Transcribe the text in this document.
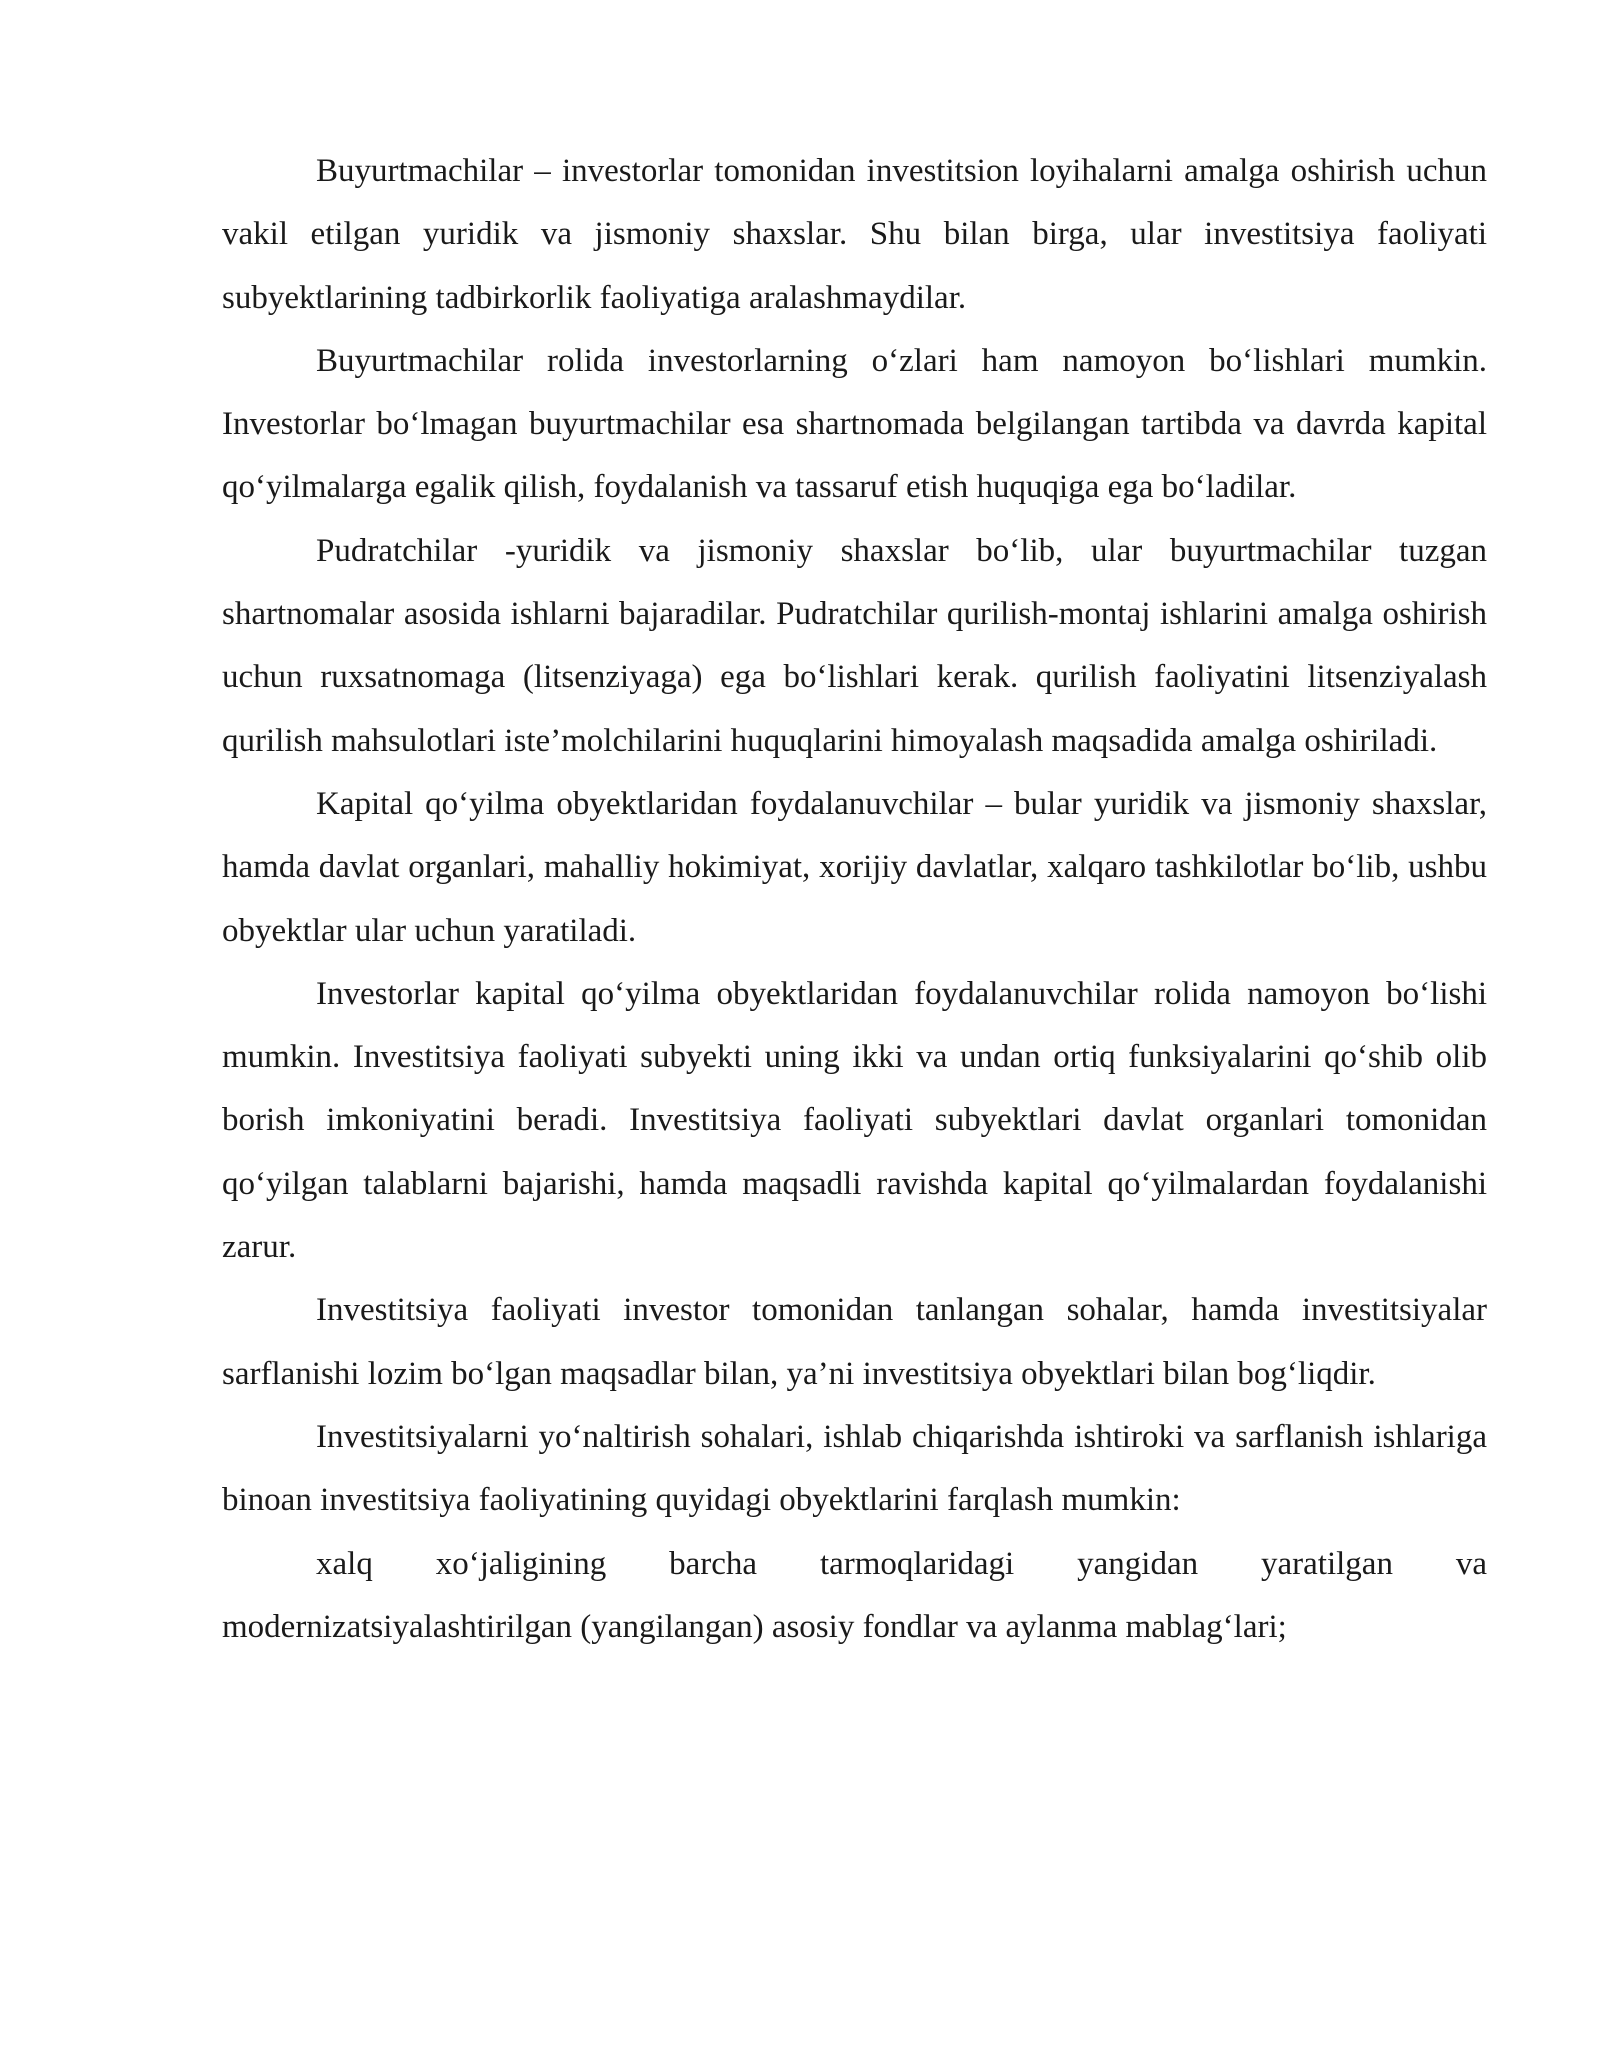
Buyurtmachilar – investorlar tomonidan investitsion loyihalarni amalga oshirish uchun vakil etilgan yuridik va jismoniy shaxslar. Shu bilan birga, ular investitsiya faoliyati subyektlarining tadbirkorlik faoliyatiga aralashmaydilar.

Buyurtmachilar rolida investorlarning o‘zlari ham namoyon bo‘lishlari mumkin. Investorlar bo‘lmagan buyurtmachilar esa shartnomada belgilangan tartibda va davrda kapital qo‘yilmalarga egalik qilish, foydalanish va tassaruf etish huquqiga ega bo‘ladilar.

Pudratchilar -yuridik va jismoniy shaxslar bo‘lib, ular buyurtmachilar tuzgan shartnomalar asosida ishlarni bajaradilar. Pudratchilar qurilish-montaj ishlarini amalga oshirish uchun ruxsatnomaga (litsenziyaga) ega bo‘lishlari kerak. qurilish faoliyatini litsenziyalash qurilish mahsulotlari iste’molchilarini huquqlarini himoyalash maqsadida amalga oshiriladi.

Kapital qo‘yilma obyektlaridan foydalanuvchilar – bular yuridik va jismoniy shaxslar, hamda davlat organlari, mahalliy hokimiyat, xorijiy davlatlar, xalqaro tashkilotlar bo‘lib, ushbu obyektlar ular uchun yaratiladi.

Investorlar kapital qo‘yilma obyektlaridan foydalanuvchilar rolida namoyon bo‘lishi mumkin. Investitsiya faoliyati subyekti uning ikki va undan ortiq funksiyalarini qo‘shib olib borish imkoniyatini beradi. Investitsiya faoliyati subyektlari davlat organlari tomonidan qo‘yilgan talablarni bajarishi, hamda maqsadli ravishda kapital qo‘yilmalardan foydalanishi zarur.

Investitsiya faoliyati investor tomonidan tanlangan sohalar, hamda investitsiyalar sarflanishi lozim bo‘lgan maqsadlar bilan, ya’ni investitsiya obyektlari bilan bog‘liqdir.

Investitsiyalarni yo‘naltirish sohalari, ishlab chiqarishda ishtiroki va sarflanish ishlariga binoan investitsiya faoliyatining quyidagi obyektlarini farqlash mumkin:

xalq xo‘jaligining barcha tarmoqlaridagi yangidan yaratilgan va modernizatsiyalashtirilgan (yangilangan) asosiy fondlar va aylanma mablag‘lari;
